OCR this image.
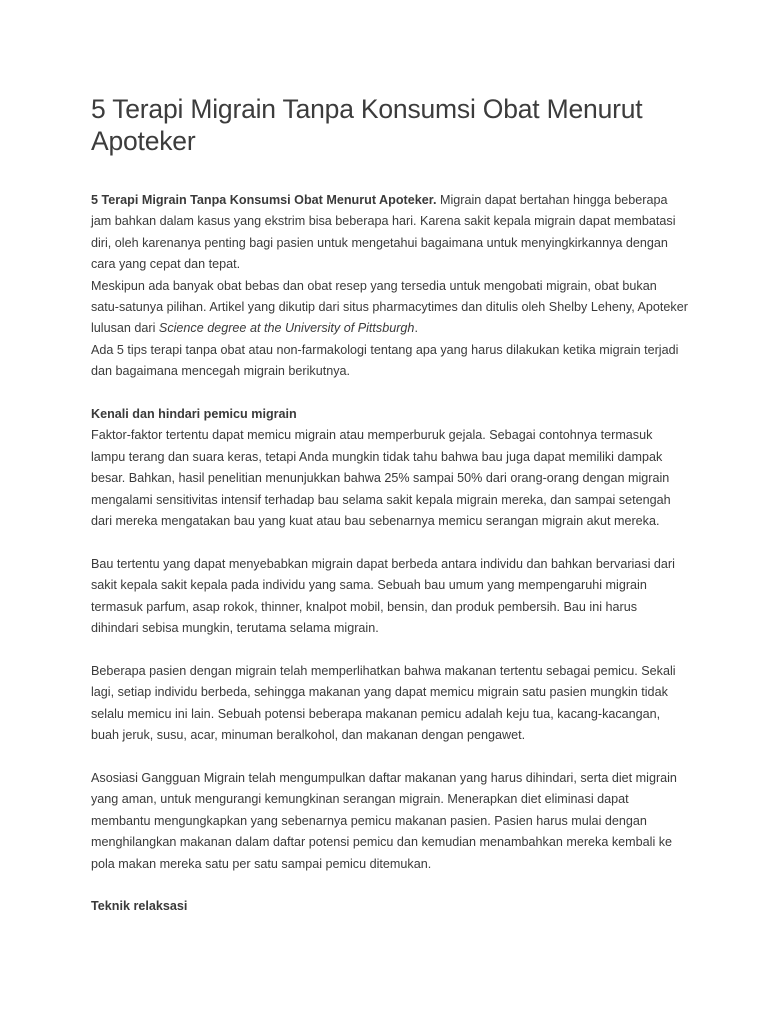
5 Terapi Migrain Tanpa Konsumsi Obat Menurut Apoteker

5 Terapi Migrain Tanpa Konsumsi Obat Menurut Apoteker. Migrain dapat bertahan hingga beberapa jam bahkan dalam kasus yang ekstrim bisa beberapa hari. Karena sakit kepala migrain dapat membatasi diri, oleh karenanya penting bagi pasien untuk mengetahui bagaimana untuk menyingkirkannya dengan cara yang cepat dan tepat.

Meskipun ada banyak obat bebas dan obat resep yang tersedia untuk mengobati migrain, obat bukan satu-satunya pilihan. Artikel yang dikutip dari situs pharmacytimes dan ditulis oleh Shelby Leheny, Apoteker lulusan dari Science degree at the University of Pittsburgh.

Ada 5 tips terapi tanpa obat atau non-farmakologi tentang apa yang harus dilakukan ketika migrain terjadi dan bagaimana mencegah migrain berikutnya.

Kenali dan hindari pemicu migrain

Faktor-faktor tertentu dapat memicu migrain atau memperburuk gejala. Sebagai contohnya termasuk lampu terang dan suara keras, tetapi Anda mungkin tidak tahu bahwa bau juga dapat memiliki dampak besar. Bahkan, hasil penelitian menunjukkan bahwa 25% sampai 50% dari orang-orang dengan migrain mengalami sensitivitas intensif terhadap bau selama sakit kepala migrain mereka, dan sampai setengah dari mereka mengatakan bau yang kuat atau bau sebenarnya memicu serangan migrain akut mereka.

Bau tertentu yang dapat menyebabkan migrain dapat berbeda antara individu dan bahkan bervariasi dari sakit kepala sakit kepala pada individu yang sama. Sebuah bau umum yang mempengaruhi migrain termasuk parfum, asap rokok, thinner, knalpot mobil, bensin, dan produk pembersih. Bau ini harus dihindari sebisa mungkin, terutama selama migrain.

Beberapa pasien dengan migrain telah memperlihatkan bahwa makanan tertentu sebagai pemicu. Sekali lagi, setiap individu berbeda, sehingga makanan yang dapat memicu migrain satu pasien mungkin tidak selalu memicu ini lain. Sebuah potensi beberapa makanan pemicu adalah keju tua, kacang-kacangan, buah jeruk, susu, acar, minuman beralkohol, dan makanan dengan pengawet.

Asosiasi Gangguan Migrain telah mengumpulkan daftar makanan yang harus dihindari, serta diet migrain yang aman, untuk mengurangi kemungkinan serangan migrain. Menerapkan diet eliminasi dapat membantu mengungkapkan yang sebenarnya pemicu makanan pasien. Pasien harus mulai dengan menghilangkan makanan dalam daftar potensi pemicu dan kemudian menambahkan mereka kembali ke pola makan mereka satu per satu sampai pemicu ditemukan.

Teknik relaksasi
